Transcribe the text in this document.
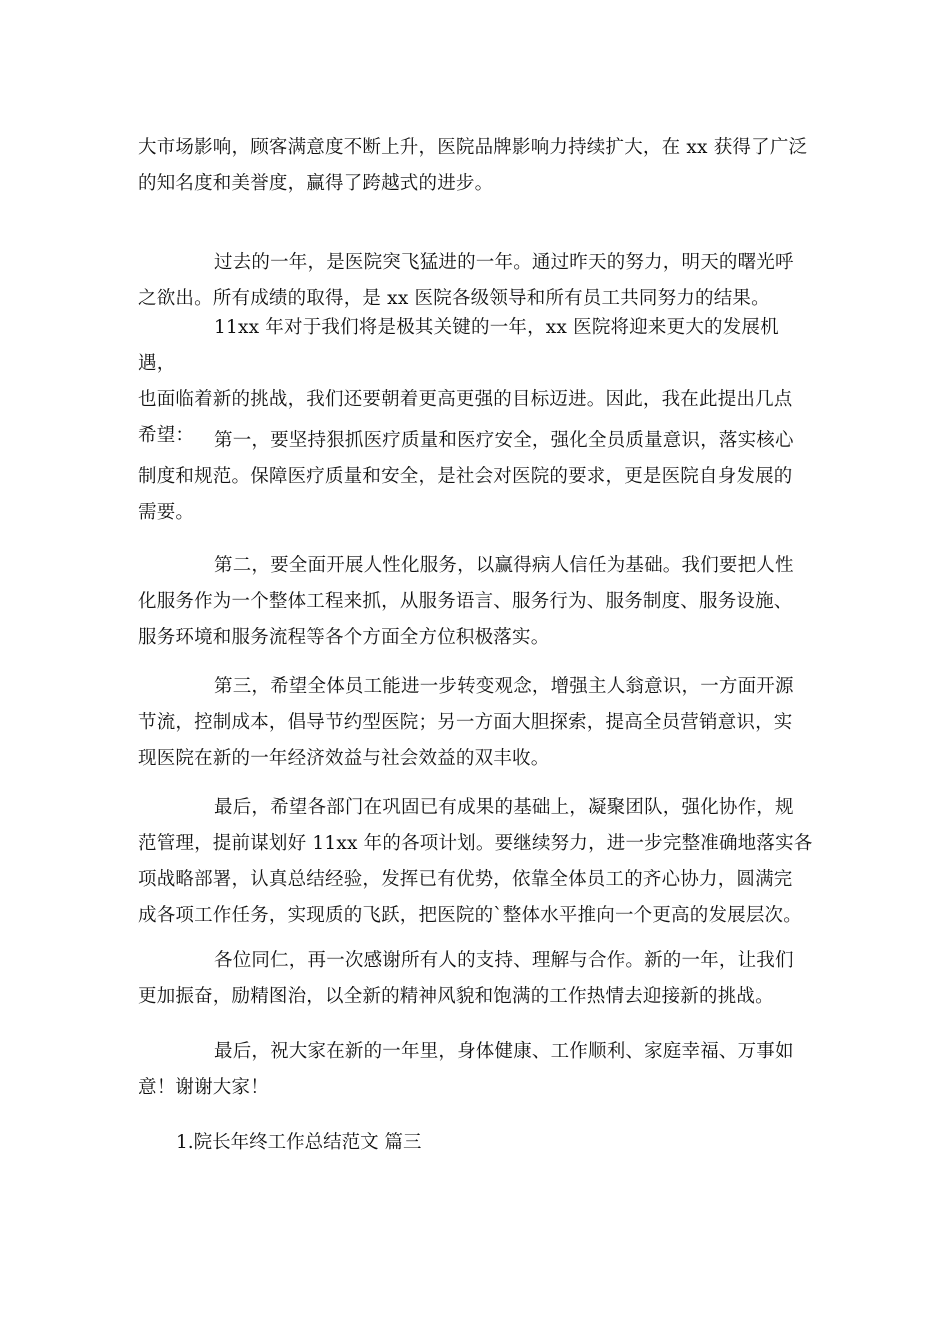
大市场影响，顾客满意度不断上升，医院品牌影响力持续扩大，在 xx 获得了广泛
的知名度和美誉度，赢得了跨越式的进步。

过去的一年，是医院突飞猛进的一年。通过昨天的努力，明天的曙光呼
之欲出。所有成绩的取得，是 xx 医院各级领导和所有员工共同努力的结果。

11xx 年对于我们将是极其关键的一年，xx 医院将迎来更大的发展机遇，
也面临着新的挑战，我们还要朝着更高更强的目标迈进。因此，我在此提出几点
希望：	第一，要坚持狠抓医疗质量和医疗安全，强化全员质量意识，落实核心
制度和规范。保障医疗质量和安全，是社会对医院的要求，更是医院自身发展的
需要。

第二，要全面开展人性化服务，以赢得病人信任为基础。我们要把人性
化服务作为一个整体工程来抓，从服务语言、服务行为、服务制度、服务设施、
服务环境和服务流程等各个方面全方位积极落实。

第三，希望全体员工能进一步转变观念，增强主人翁意识，一方面开源
节流，控制成本，倡导节约型医院；另一方面大胆探索，提高全员营销意识，实
现医院在新的一年经济效益与社会效益的双丰收。

最后，希望各部门在巩固已有成果的基础上，凝聚团队，强化协作，规
范管理，提前谋划好 11xx 年的各项计划。要继续努力，进一步完整准确地落实各
项战略部署，认真总结经验，发挥已有优势，依靠全体员工的齐心协力，圆满完
成各项工作任务，实现质的飞跃，把医院的`整体水平推向一个更高的发展层次。

各位同仁，再一次感谢所有人的支持、理解与合作。新的一年，让我们
更加振奋，励精图治，以全新的精神风貌和饱满的工作热情去迎接新的挑战。

最后，祝大家在新的一年里，身体健康、工作顺利、家庭幸福、万事如
意！谢谢大家！

1.院长年终工作总结范文 篇三
